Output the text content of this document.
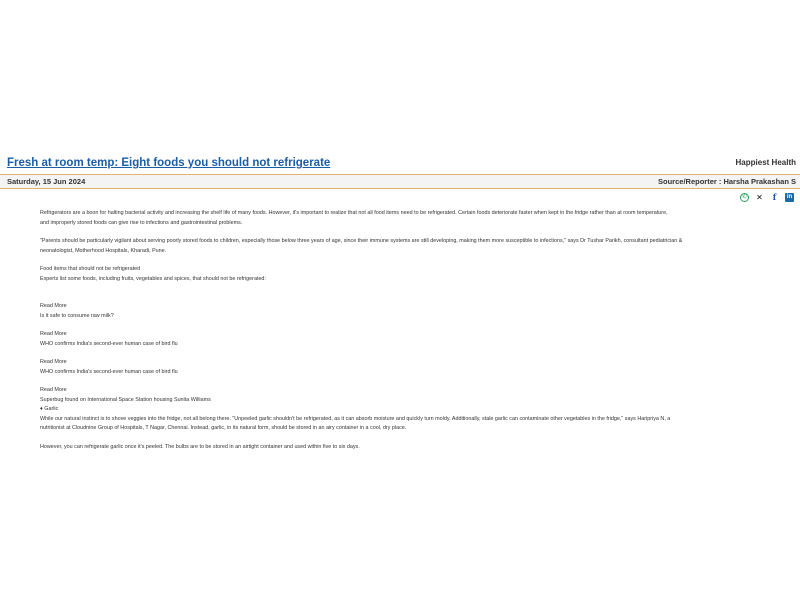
Fresh at room temp: Eight foods you should not refrigerate	Happiest Health
Saturday, 15 Jun 2024	Source/Reporter : Harsha Prakashan S
✆ ✕	f	in

Refrigerators are a boon for halting bacterial activity and increasing the shelf life of many foods. However, it's important to realize that not all food items need to be refrigerated. Certain foods deteriorate faster when kept in the fridge rather than at room temperature,

and improperly stored foods can give rise to infections and gastrointestinal problems.

"Parents should be particularly vigilant about serving poorly stored foods to children, especially those below three years of age, since their immune systems are still developing, making them more susceptible to infections," says Dr Tushar Parikh, consultant pediatrician &

neonatologist, Motherhood Hospitals, Kharadi, Pune.

Food items that should not be refrigerated

Experts list some foods, including fruits, vegetables and spices, that should not be refrigerated:

Read More

Is it safe to consume raw milk?

Read More

WHO confirms India's second-ever human case of bird flu

Read More

WHO confirms India's second-ever human case of bird flu

Read More

Superbug found on International Space Station housing Sunita Williams

♦ Garlic

While our natural instinct is to shove veggies into the fridge, not all belong there. "Unpeeled garlic shouldn't be refrigerated, as it can absorb moisture and quickly turn moldy. Additionally, stale garlic can contaminate other vegetables in the fridge," says Haripriya N, a

nutritionist at Cloudnine Group of Hospitals, T Nagar, Chennai. Instead, garlic, in its natural form, should be stored in an airy container in a cool, dry place.

However, you can refrigerate garlic once it's peeled. The bulbs are to be stored in an airtight container and used within five to six days.
